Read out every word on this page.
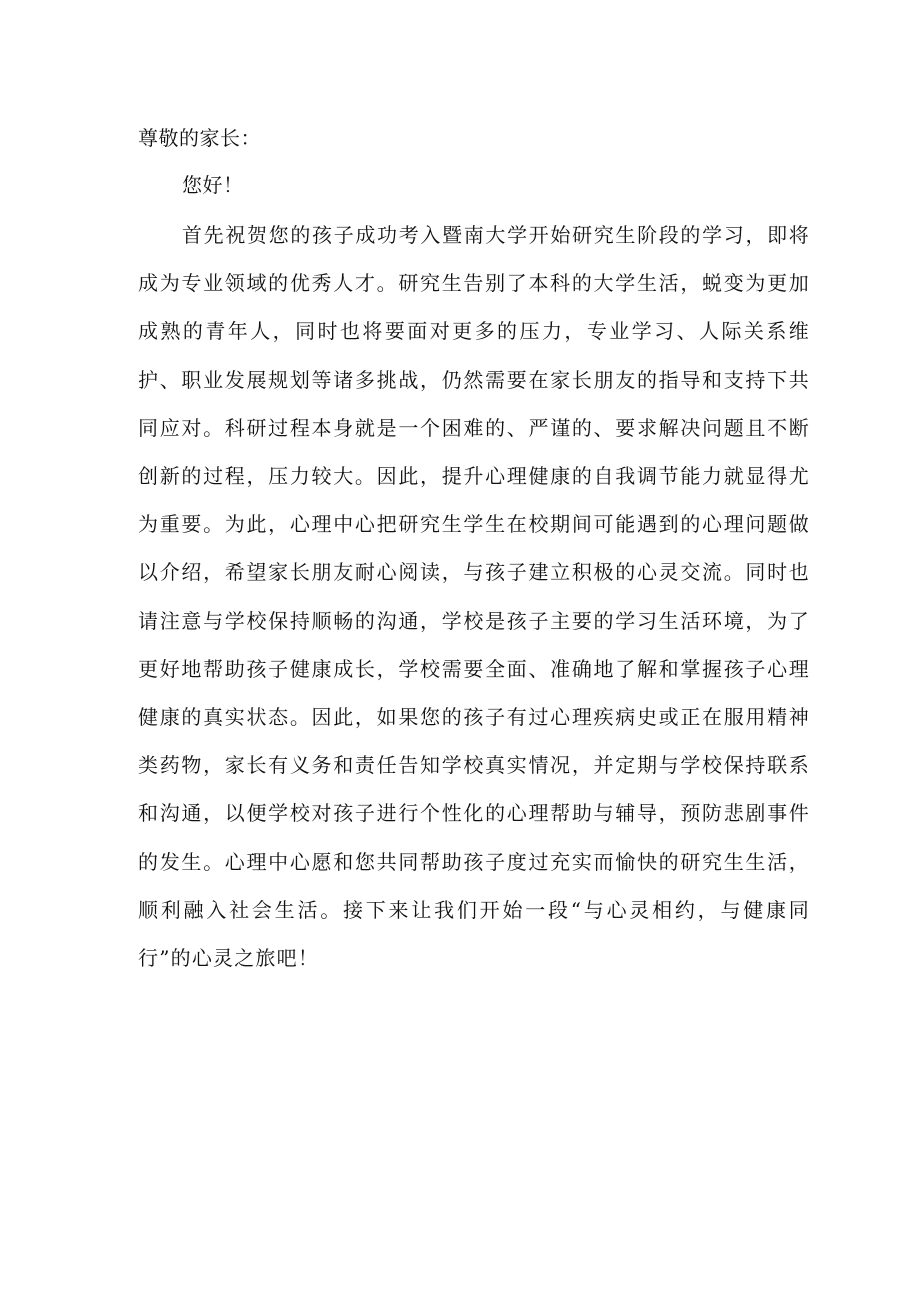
尊敬的家长：

您好！

首先祝贺您的孩子成功考入暨南大学开始研究生阶段的学习，即将成为专业领域的优秀人才。研究生告别了本科的大学生活，蜕变为更加成熟的青年人，同时也将要面对更多的压力，专业学习、人际关系维护、职业发展规划等诸多挑战，仍然需要在家长朋友的指导和支持下共同应对。科研过程本身就是一个困难的、严谨的、要求解决问题且不断创新的过程，压力较大。因此，提升心理健康的自我调节能力就显得尤为重要。为此，心理中心把研究生学生在校期间可能遇到的心理问题做以介绍，希望家长朋友耐心阅读，与孩子建立积极的心灵交流。同时也请注意与学校保持顺畅的沟通，学校是孩子主要的学习生活环境，为了更好地帮助孩子健康成长，学校需要全面、准确地了解和掌握孩子心理健康的真实状态。因此，如果您的孩子有过心理疾病史或正在服用精神类药物，家长有义务和责任告知学校真实情况，并定期与学校保持联系和沟通，以便学校对孩子进行个性化的心理帮助与辅导，预防悲剧事件的发生。心理中心愿和您共同帮助孩子度过充实而愉快的研究生生活，顺利融入社会生活。接下来让我们开始一段“与心灵相约，与健康同行”的心灵之旅吧！
